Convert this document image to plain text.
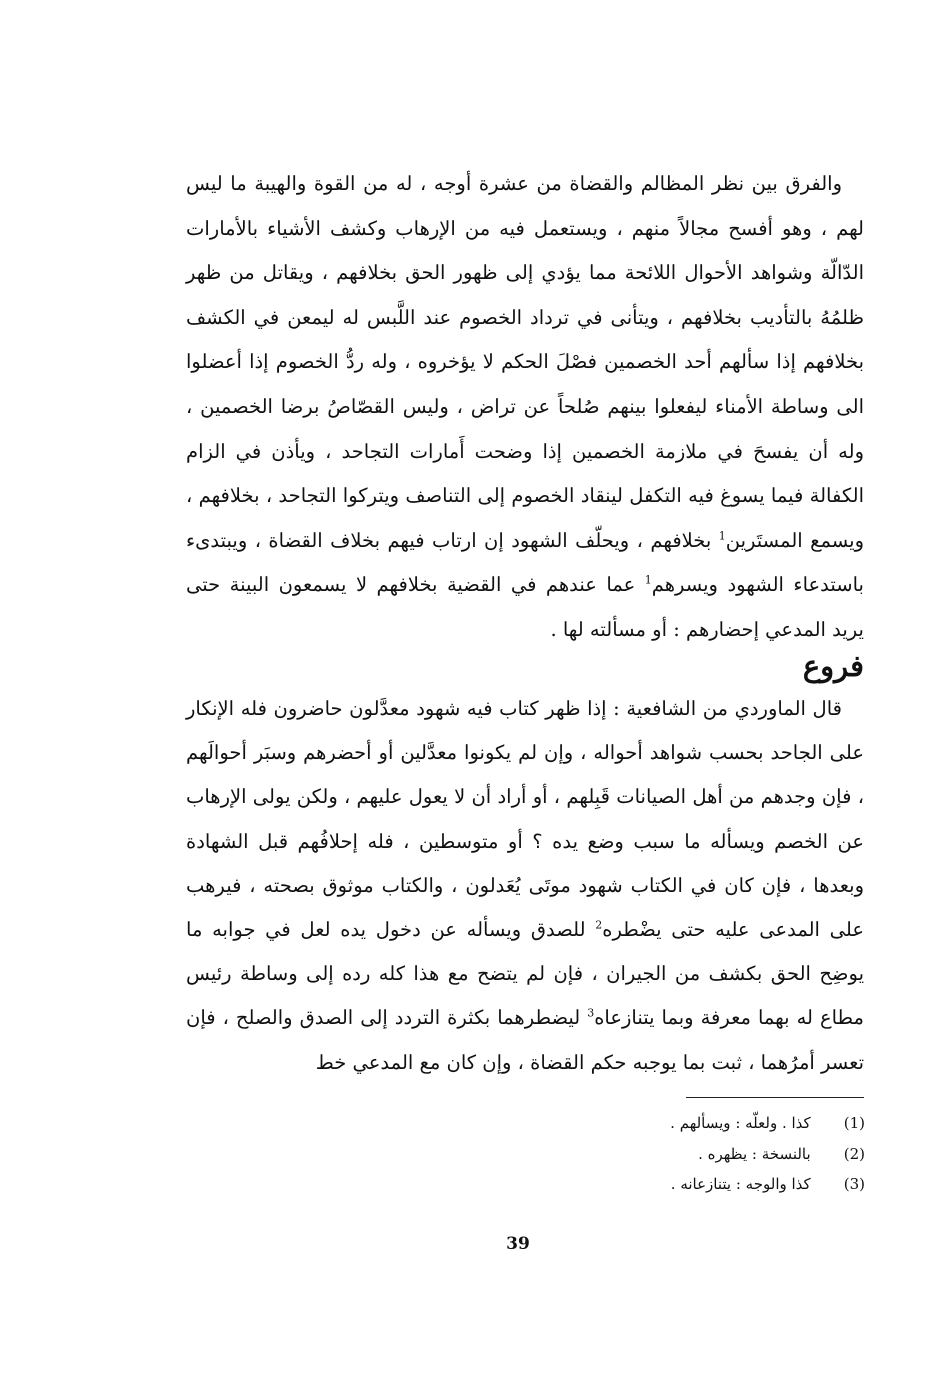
والفرق بين نظر المظالم والقضاة من عشرة أوجه ، له من القوة والهيبة ما ليس لهم ، وهو أفسح مجالاً منهم ، ويستعمل فيه من الإرهاب وكشف الأشياء بالأمارات الدّالّة وشواهد الأحوال اللائحة مما يؤدي إلى ظهور الحق بخلافهم ، ويقاتل من ظهر ظلمُهُ بالتأديب بخلافهم ، ويتأنى في ترداد الخصوم عند اللَّبس له ليمعن في الكشف بخلافهم إذا سألهم أحد الخصمين فصْلَ الحكم لا يؤخروه ، وله ردُّ الخصوم إذا أعضلوا الى وساطة الأمناء ليفعلوا بينهم صُلحاً عن تراض ، وليس القصّاصُ برضا الخصمين ، وله أن يفسحَ في ملازمة الخصمين إذا وضحت أَمارات التجاحد ، ويأذن في الزام الكفالة فيما يسوغ فيه التكفل لينقاد الخصوم إلى التناصف ويتركوا التجاحد ، بخلافهم ، ويسمع المستَرين$^1$ بخلافهم ، ويحلّف الشهود إن ارتاب فيهم بخلاف القضاة ، ويبتدىء باستدعاء الشهود ويسرهم$^1$ عما عندهم في القضية بخلافهم لا يسمعون البينة حتى يريد المدعي إحضارهم : أو مسألته لها .

فروع

قال الماوردي من الشافعية : إذا ظهر كتاب فيه شهود معدَّلون حاضرون فله الإنكار على الجاحد بحسب شواهد أحواله ، وإن لم يكونوا معدَّلين أو أحضرهم وسبَر أحوالَهم ، فإن وجدهم من أهل الصيانات قَبِلهم ، أو أراد أن لا يعول عليهم ، ولكن يولى الإرهاب عن الخصم ويسأله ما سبب وضع يده ؟ أو متوسطين ، فله إحلافُهم قبل الشهادة وبعدها ، فإن كان في الكتاب شهود موتَى يُعَدلون ، والكتاب موثوق بصحته ، فيرهب على المدعى عليه حتى يضْطره$^2$ للصدق ويسأله عن دخول يده لعل في جوابه ما يوضِح الحق بكشف من الجيران ، فإن لم يتضح مع هذا كله رده إلى وساطة رئيس مطاع له بهما معرفة وبما يتنازعاه$^3$ ليضطرهما بكثرة التردد إلى الصدق والصلح ، فإن تعسر أمرُهما ، ثبت بما يوجبه حكم القضاة ، وإن كان مع المدعي خط

(1)   كذا . ولعلّه : ويسألهم .
(2)   بالنسخة : يظهره .
(3)   كذا والوجه : يتنازعانه .

39
